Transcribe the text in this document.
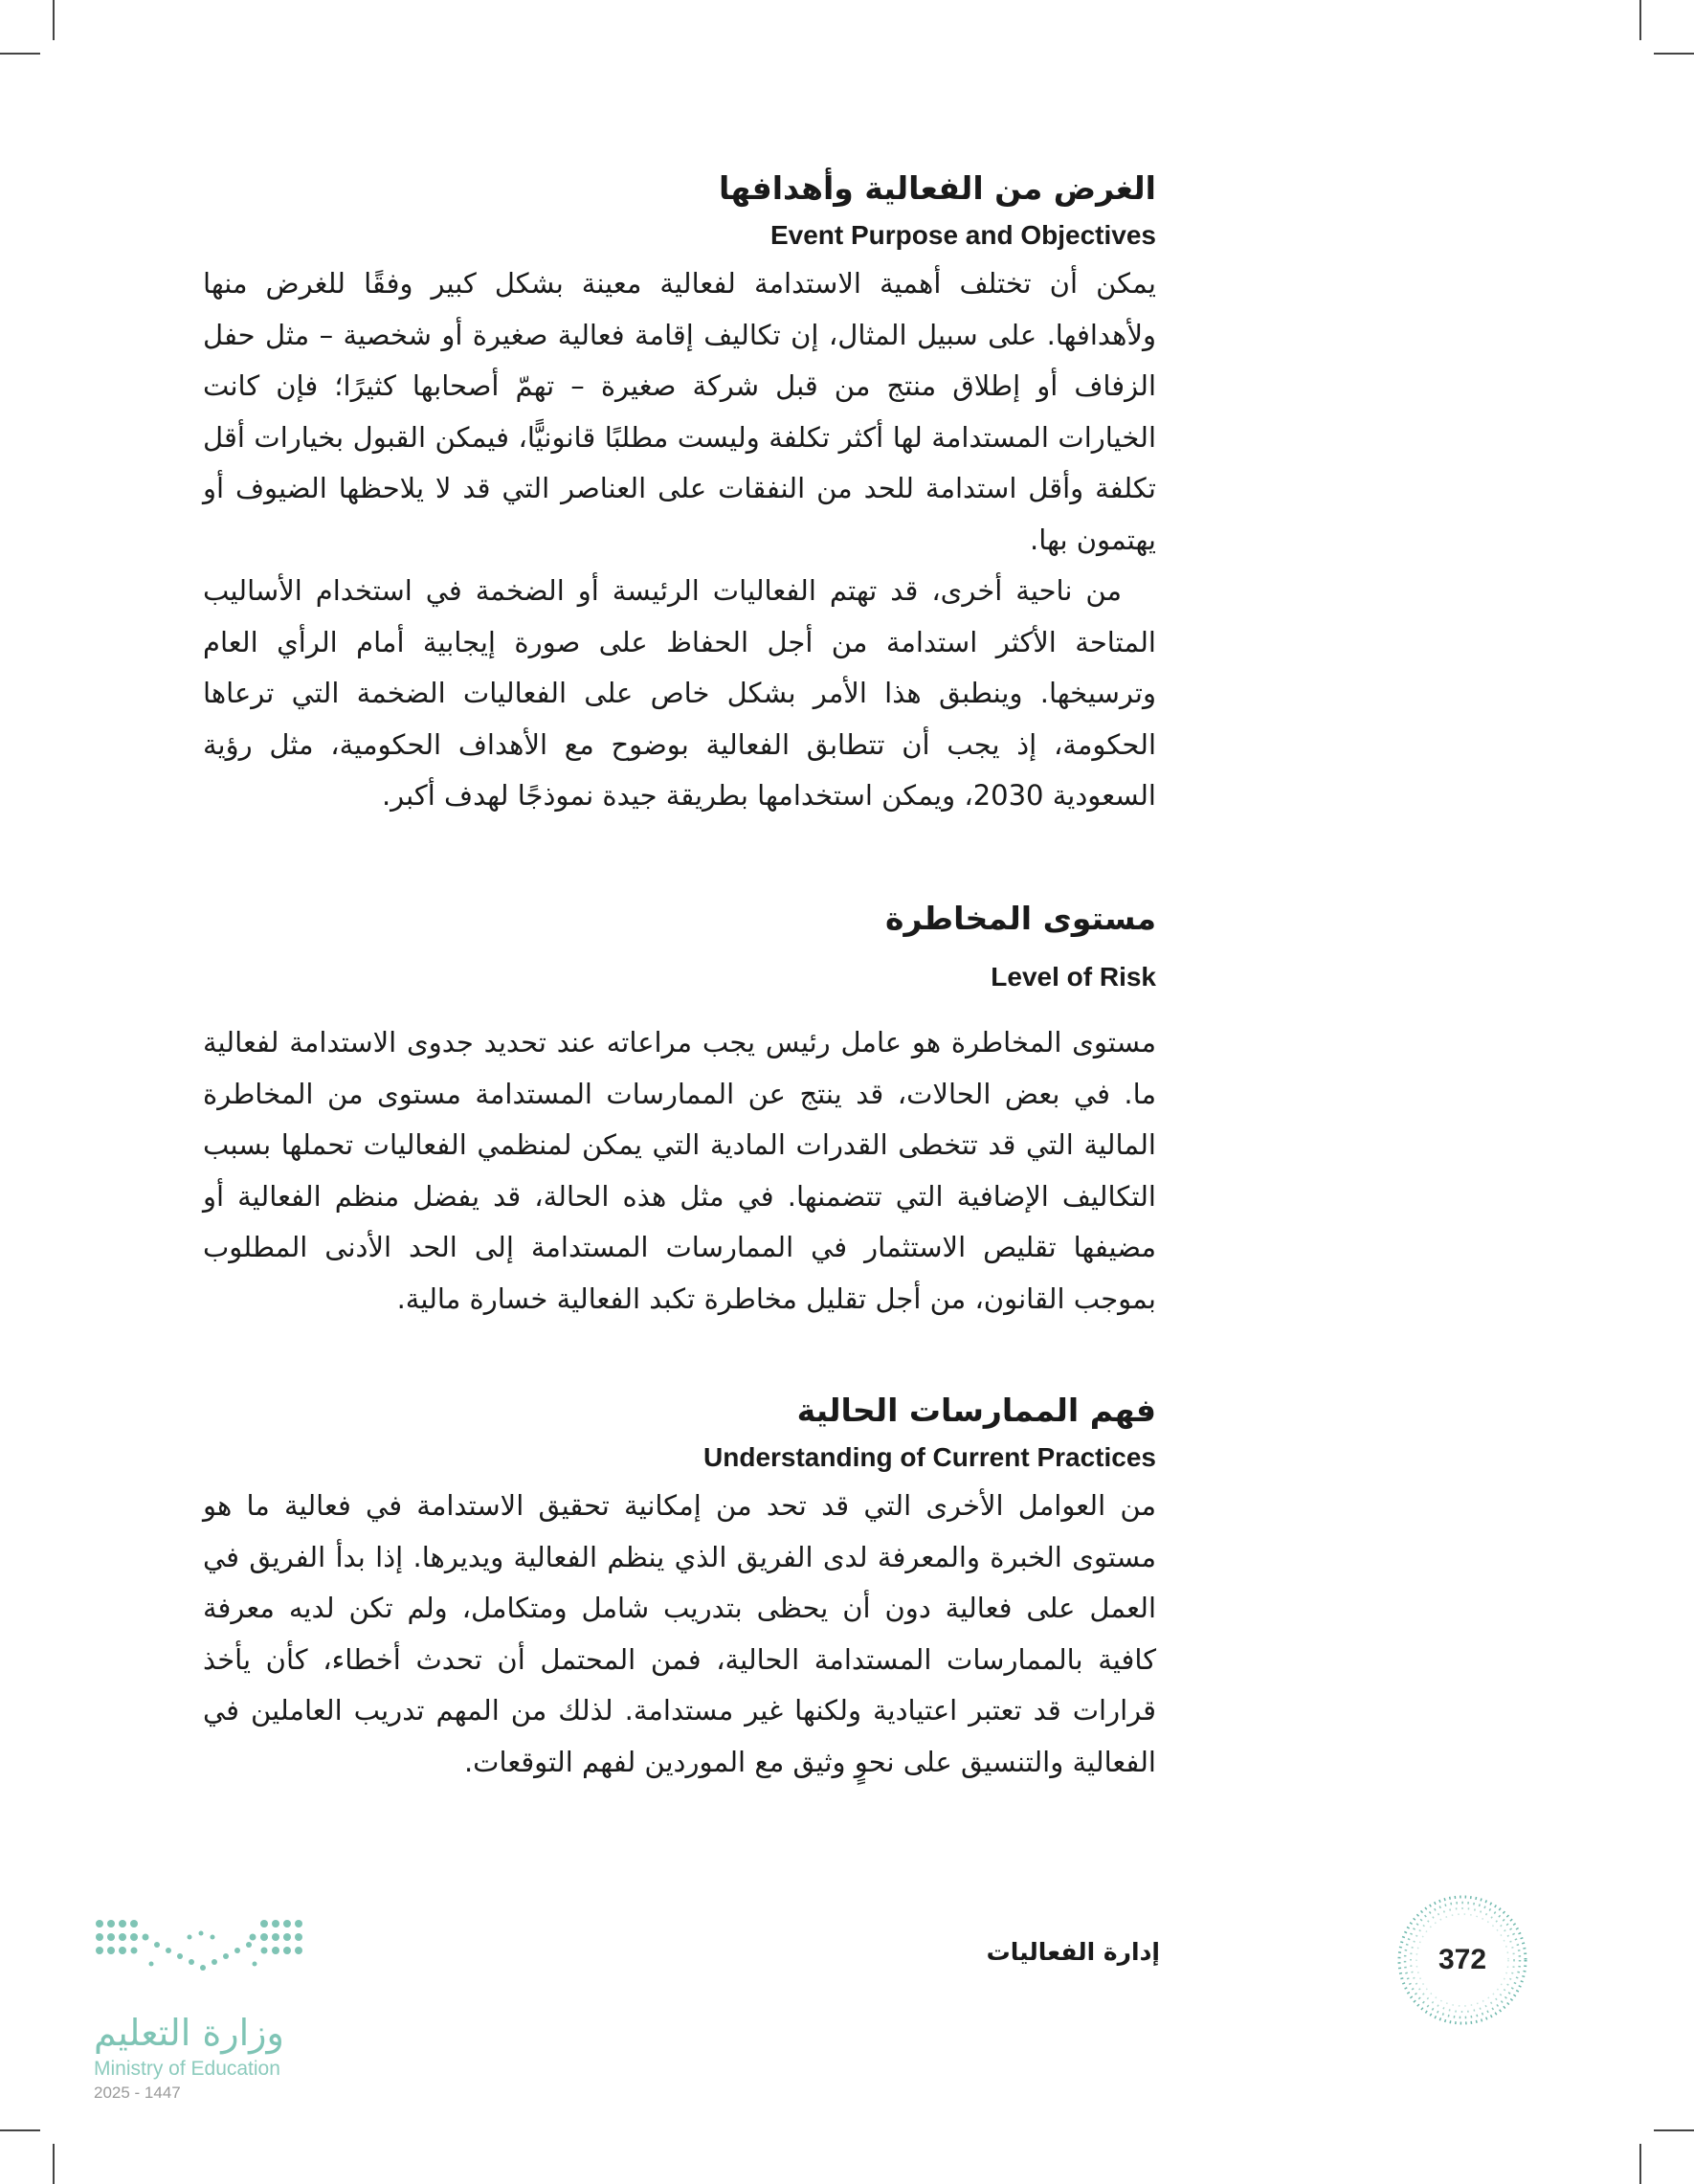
الغرض من الفعالية وأهدافها
Event Purpose and Objectives

يمكن أن تختلف أهمية الاستدامة لفعالية معينة بشكل كبير وفقًا للغرض منها ولأهدافها. على سبيل المثال، إن تكاليف إقامة فعالية صغيرة أو شخصية – مثل حفل الزفاف أو إطلاق منتج من قبل شركة صغيرة – تهمّ أصحابها كثيرًا؛ فإن كانت الخيارات المستدامة لها أكثر تكلفة وليست مطلبًا قانونيًّا، فيمكن القبول بخيارات أقل تكلفة وأقل استدامة للحد من النفقات على العناصر التي قد لا يلاحظها الضيوف أو يهتمون بها.

من ناحية أخرى، قد تهتم الفعاليات الرئيسة أو الضخمة في استخدام الأساليب المتاحة الأكثر استدامة من أجل الحفاظ على صورة إيجابية أمام الرأي العام وترسيخها. وينطبق هذا الأمر بشكل خاص على الفعاليات الضخمة التي ترعاها الحكومة، إذ يجب أن تتطابق الفعالية بوضوح مع الأهداف الحكومية، مثل رؤية السعودية 2030، ويمكن استخدامها بطريقة جيدة نموذجًا لهدف أكبر.

مستوى المخاطرة
Level of Risk

مستوى المخاطرة هو عامل رئيس يجب مراعاته عند تحديد جدوى الاستدامة لفعالية ما. في بعض الحالات، قد ينتج عن الممارسات المستدامة مستوى من المخاطرة المالية التي قد تتخطى القدرات المادية التي يمكن لمنظمي الفعاليات تحملها بسبب التكاليف الإضافية التي تتضمنها. في مثل هذه الحالة، قد يفضل منظم الفعالية أو مضيفها تقليص الاستثمار في الممارسات المستدامة إلى الحد الأدنى المطلوب بموجب القانون، من أجل تقليل مخاطرة تكبد الفعالية خسارة مالية.

فهم الممارسات الحالية
Understanding of Current Practices

من العوامل الأخرى التي قد تحد من إمكانية تحقيق الاستدامة في فعالية ما هو مستوى الخبرة والمعرفة لدى الفريق الذي ينظم الفعالية ويديرها. إذا بدأ الفريق في العمل على فعالية دون أن يحظى بتدريب شامل ومتكامل، ولم تكن لديه معرفة كافية بالممارسات المستدامة الحالية، فمن المحتمل أن تحدث أخطاء، كأن يأخذ قرارات قد تعتبر اعتيادية ولكنها غير مستدامة. لذلك من المهم تدريب العاملين في الفعالية والتنسيق على نحوٍ وثيق مع الموردين لفهم التوقعات.

إدارة الفعاليات	372
وزارة التعليم
Ministry of Education
2025 - 1447
